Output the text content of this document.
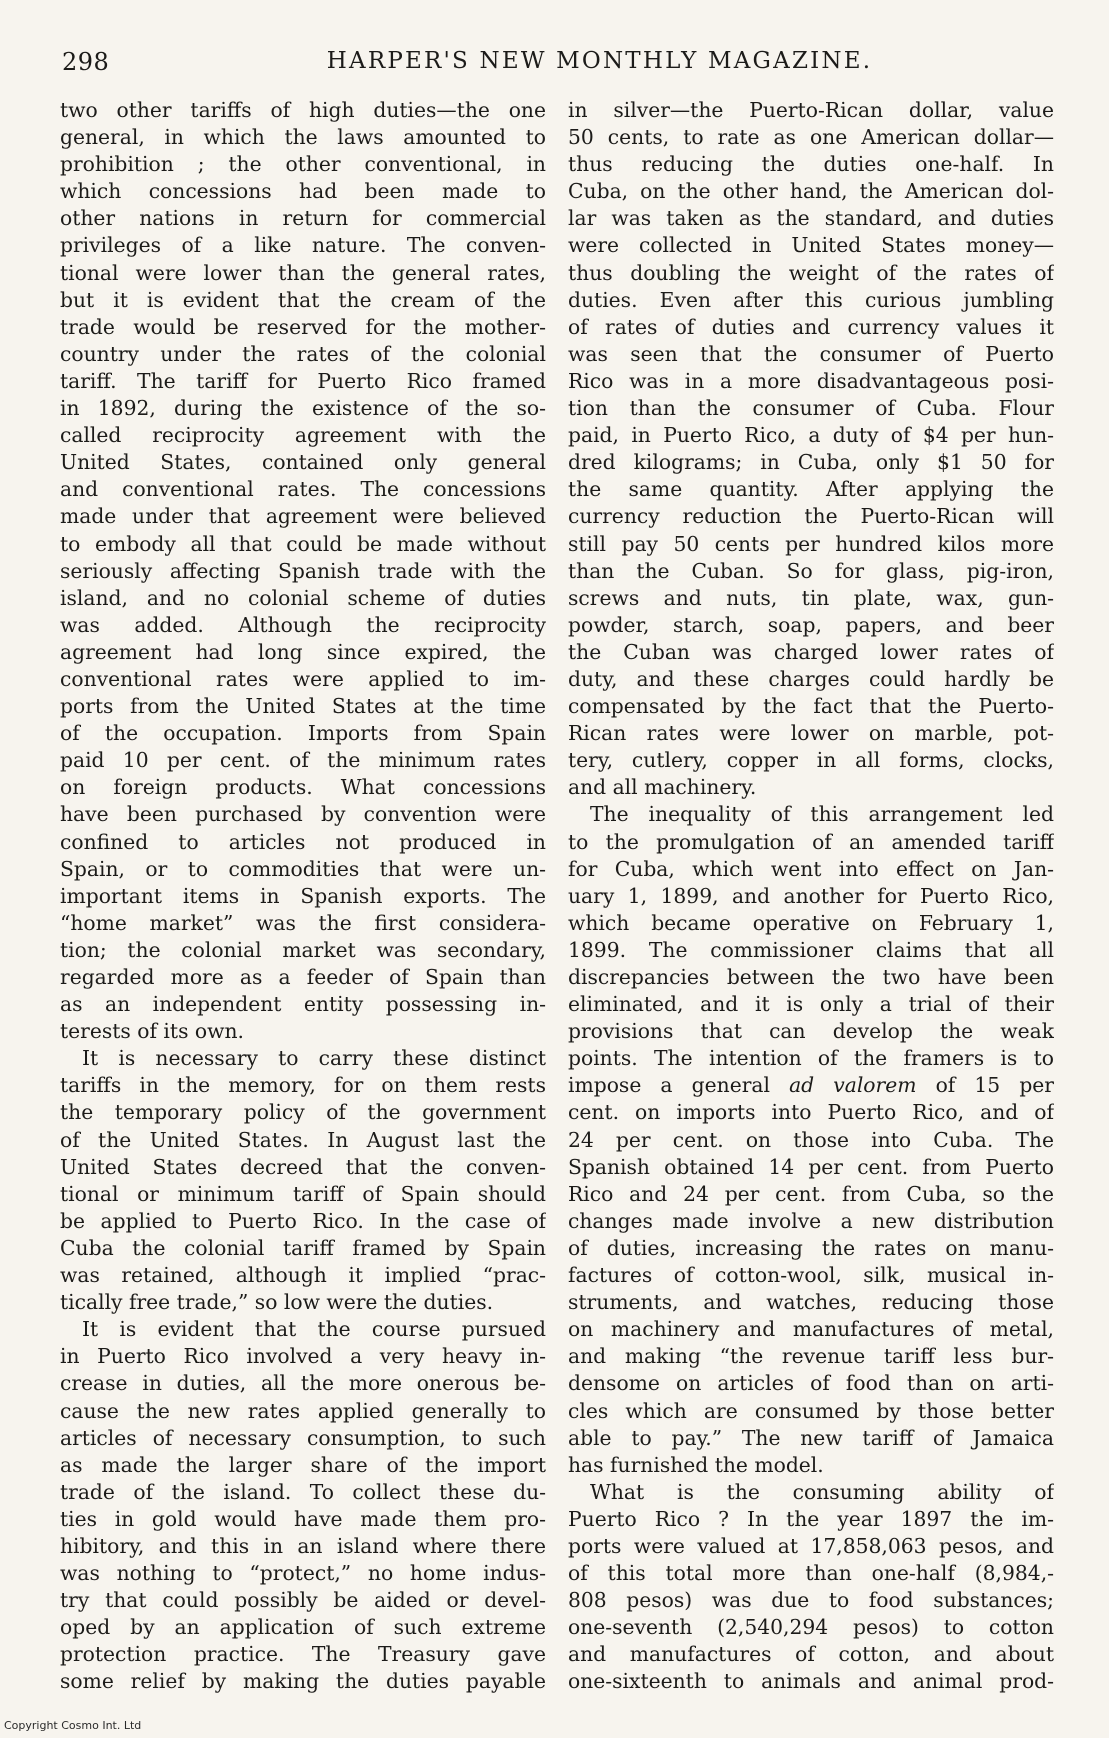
298	HARPER'S NEW MONTHLY MAGAZINE.
two other tariffs of high duties—the one
general, in which the laws amounted to
prohibition ; the other conventional, in
which concessions had been made to
other nations in return for commercial
privileges of a like nature. The conven-
tional were lower than the general rates,
but it is evident that the cream of the
trade would be reserved for the mother-
country under the rates of the colonial
tariff. The tariff for Puerto Rico framed
in 1892, during the existence of the so-
called reciprocity agreement with the
United States, contained only general
and conventional rates. The concessions
made under that agreement were believed
to embody all that could be made without
seriously affecting Spanish trade with the
island, and no colonial scheme of duties
was added. Although the reciprocity
agreement had long since expired, the
conventional rates were applied to im-
ports from the United States at the time
of the occupation. Imports from Spain
paid 10 per cent. of the minimum rates
on foreign products. What concessions
have been purchased by convention were
confined to articles not produced in
Spain, or to commodities that were un-
important items in Spanish exports. The
“home market” was the first considera-
tion; the colonial market was secondary,
regarded more as a feeder of Spain than
as an independent entity possessing in-
terests of its own.
It is necessary to carry these distinct
tariffs in the memory, for on them rests
the temporary policy of the government
of the United States. In August last the
United States decreed that the conven-
tional or minimum tariff of Spain should
be applied to Puerto Rico. In the case of
Cuba the colonial tariff framed by Spain
was retained, although it implied “prac-
tically free trade,” so low were the duties.
It is evident that the course pursued
in Puerto Rico involved a very heavy in-
crease in duties, all the more onerous be-
cause the new rates applied generally to
articles of necessary consumption, to such
as made the larger share of the import
trade of the island. To collect these du-
ties in gold would have made them pro-
hibitory, and this in an island where there
was nothing to “protect,” no home indus-
try that could possibly be aided or devel-
oped by an application of such extreme
protection practice. The Treasury gave
some relief by making the duties payable
in silver—the Puerto-Rican dollar, value
50 cents, to rate as one American dollar—
thus reducing the duties one-half. In
Cuba, on the other hand, the American dol-
lar was taken as the standard, and duties
were collected in United States money—
thus doubling the weight of the rates of
duties. Even after this curious jumbling
of rates of duties and currency values it
was seen that the consumer of Puerto
Rico was in a more disadvantageous posi-
tion than the consumer of Cuba. Flour
paid, in Puerto Rico, a duty of $4 per hun-
dred kilograms; in Cuba, only $1 50 for
the same quantity. After applying the
currency reduction the Puerto-Rican will
still pay 50 cents per hundred kilos more
than the Cuban. So for glass, pig-iron,
screws and nuts, tin plate, wax, gun-
powder, starch, soap, papers, and beer
the Cuban was charged lower rates of
duty, and these charges could hardly be
compensated by the fact that the Puerto-
Rican rates were lower on marble, pot-
tery, cutlery, copper in all forms, clocks,
and all machinery.
The inequality of this arrangement led
to the promulgation of an amended tariff
for Cuba, which went into effect on Jan-
uary 1, 1899, and another for Puerto Rico,
which became operative on February 1,
1899. The commissioner claims that all
discrepancies between the two have been
eliminated, and it is only a trial of their
provisions that can develop the weak
points. The intention of the framers is to
impose a general ad valorem of 15 per
cent. on imports into Puerto Rico, and of
24 per cent. on those into Cuba. The
Spanish obtained 14 per cent. from Puerto
Rico and 24 per cent. from Cuba, so the
changes made involve a new distribution
of duties, increasing the rates on manu-
factures of cotton-wool, silk, musical in-
struments, and watches, reducing those
on machinery and manufactures of metal,
and making “the revenue tariff less bur-
densome on articles of food than on arti-
cles which are consumed by those better
able to pay.” The new tariff of Jamaica
has furnished the model.
What is the consuming ability of
Puerto Rico ? In the year 1897 the im-
ports were valued at 17,858,063 pesos, and
of this total more than one-half (8,984,-
808 pesos) was due to food substances;
one-seventh (2,540,294 pesos) to cotton
and manufactures of cotton, and about
one-sixteenth to animals and animal prod-
Copyright Cosmo Int. Ltd
